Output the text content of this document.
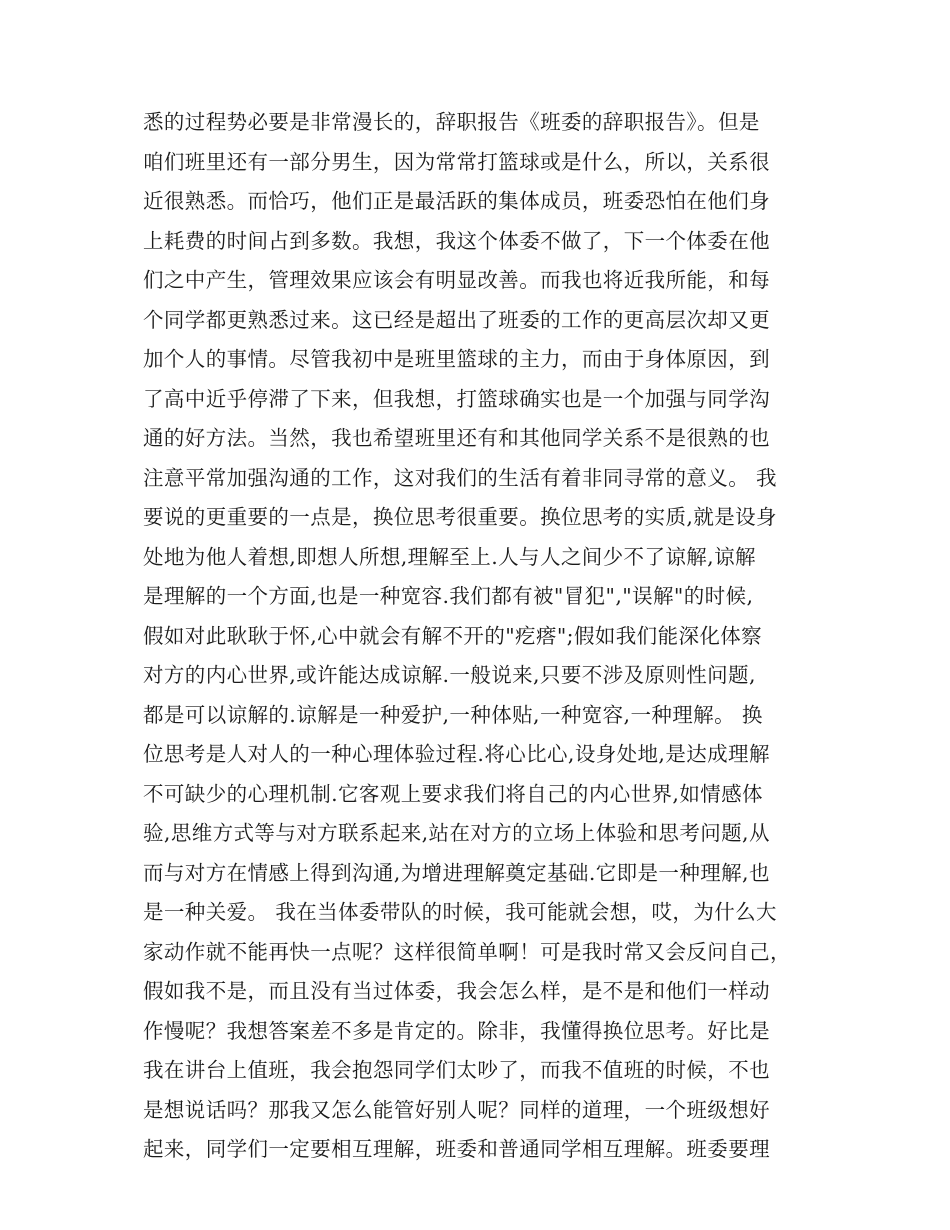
悉的过程势必要是非常漫长的，辞职报告《班委的辞职报告》。但是
咱们班里还有一部分男生，因为常常打篮球或是什么，所以，关系很
近很熟悉。而恰巧，他们正是最活跃的集体成员，班委恐怕在他们身
上耗费的时间占到多数。我想，我这个体委不做了，下一个体委在他
们之中产生，管理效果应该会有明显改善。而我也将近我所能，和每
个同学都更熟悉过来。这已经是超出了班委的工作的更高层次却又更
加个人的事情。尽管我初中是班里篮球的主力，而由于身体原因，到
了高中近乎停滞了下来，但我想，打篮球确实也是一个加强与同学沟
通的好方法。当然，我也希望班里还有和其他同学关系不是很熟的也
注意平常加强沟通的工作，这对我们的生活有着非同寻常的意义。 我
要说的更重要的一点是，换位思考很重要。换位思考的实质,就是设身
处地为他人着想,即想人所想,理解至上.人与人之间少不了谅解,谅解
是理解的一个方面,也是一种宽容.我们都有被"冒犯","误解"的时候,
假如对此耿耿于怀,心中就会有解不开的"疙瘩";假如我们能深化体察
对方的内心世界,或许能达成谅解.一般说来,只要不涉及原则性问题,
都是可以谅解的.谅解是一种爱护,一种体贴,一种宽容,一种理解。 换
位思考是人对人的一种心理体验过程.将心比心,设身处地,是达成理解
不可缺少的心理机制.它客观上要求我们将自己的内心世界,如情感体
验,思维方式等与对方联系起来,站在对方的立场上体验和思考问题,从
而与对方在情感上得到沟通,为增进理解奠定基础.它即是一种理解,也
是一种关爱。 我在当体委带队的时候，我可能就会想，哎，为什么大
家动作就不能再快一点呢？这样很简单啊！可是我时常又会反问自己，
假如我不是，而且没有当过体委，我会怎么样，是不是和他们一样动
作慢呢？我想答案差不多是肯定的。除非，我懂得换位思考。好比是
我在讲台上值班，我会抱怨同学们太吵了，而我不值班的时候，不也
是想说话吗？那我又怎么能管好别人呢？同样的道理，一个班级想好
起来，同学们一定要相互理解，班委和普通同学相互理解。班委要理
